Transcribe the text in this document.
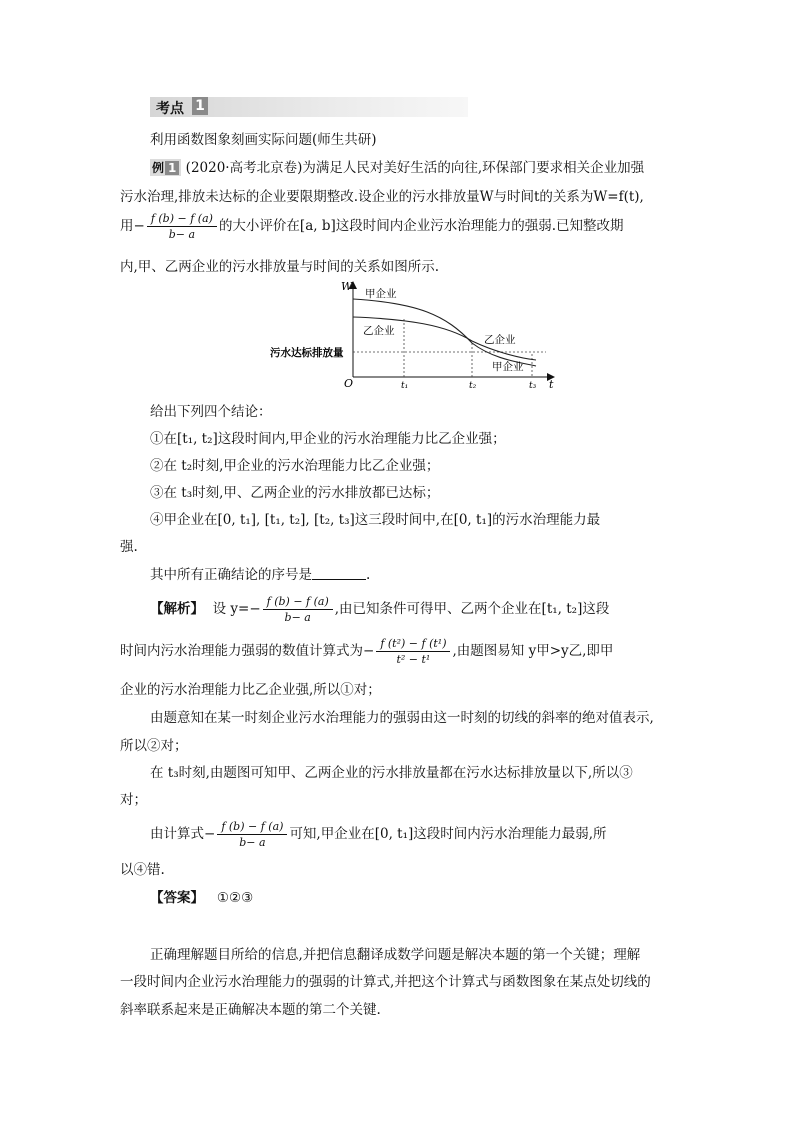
考点 1
利用函数图象刻画实际问题(师生共研)
例 1 (2020·高考北京卷)为满足人民对美好生活的向往,环保部门要求相关企业加强
污水治理,排放未达标的企业要限期整改.设企业的污水排放量W与时间t的关系为W=f(t),
用− $\frac{f (b) - f (a)}{b- a}$ 的大小评价在[a, b]这段时间内企业污水治理能力的强弱.已知整改期
内,甲、乙两企业的污水排放量与时间的关系如图所示.
W
t
O
污水达标排放量
甲企业
乙企业
乙企业
甲企业
t₁	t₂	t₃
给出下列四个结论：
①在[t₁, t₂]这段时间内,甲企业的污水治理能力比乙企业强；
②在 t₂时刻,甲企业的污水治理能力比乙企业强；
③在 t₃时刻,甲、乙两企业的污水排放都已达标；
④甲企业在[0, t₁], [t₁, t₂], [t₂, t₃]这三段时间中,在[0, t₁]的污水治理能力最
强.
其中所有正确结论的序号是	.
【解析】 设 $y=- \frac{f (b) - f (a)}{b- a}$ ,由已知条件可得甲、乙两个企业在[t₁, t₂]这段
时间内污水治理能力强弱的数值计算式为− $\frac{\text{f (t²) − f (t¹)}}{\text{t² − t¹}}$ ,由题图易知 y甲>y乙,即甲
企业的污水治理能力比乙企业强,所以①对；
由题意知在某一时刻企业污水治理能力的强弱由这一时刻的切线的斜率的绝对值表示,
所以②对；
在 t₃时刻,由题图可知甲、乙两企业的污水排放量都在污水达标排放量以下,所以③
对；
由计算式− $\frac{f (b) - f (a)}{b- a}$ 可知,甲企业在[0, t₁]这段时间内污水治理能力最弱,所
以④错.
【答案】 ①②③
正确理解题目所给的信息,并把信息翻译成数学问题是解决本题的第一个关键；理解
一段时间内企业污水治理能力的强弱的计算式,并把这个计算式与函数图象在某点处切线的
斜率联系起来是正确解决本题的第二个关键.
